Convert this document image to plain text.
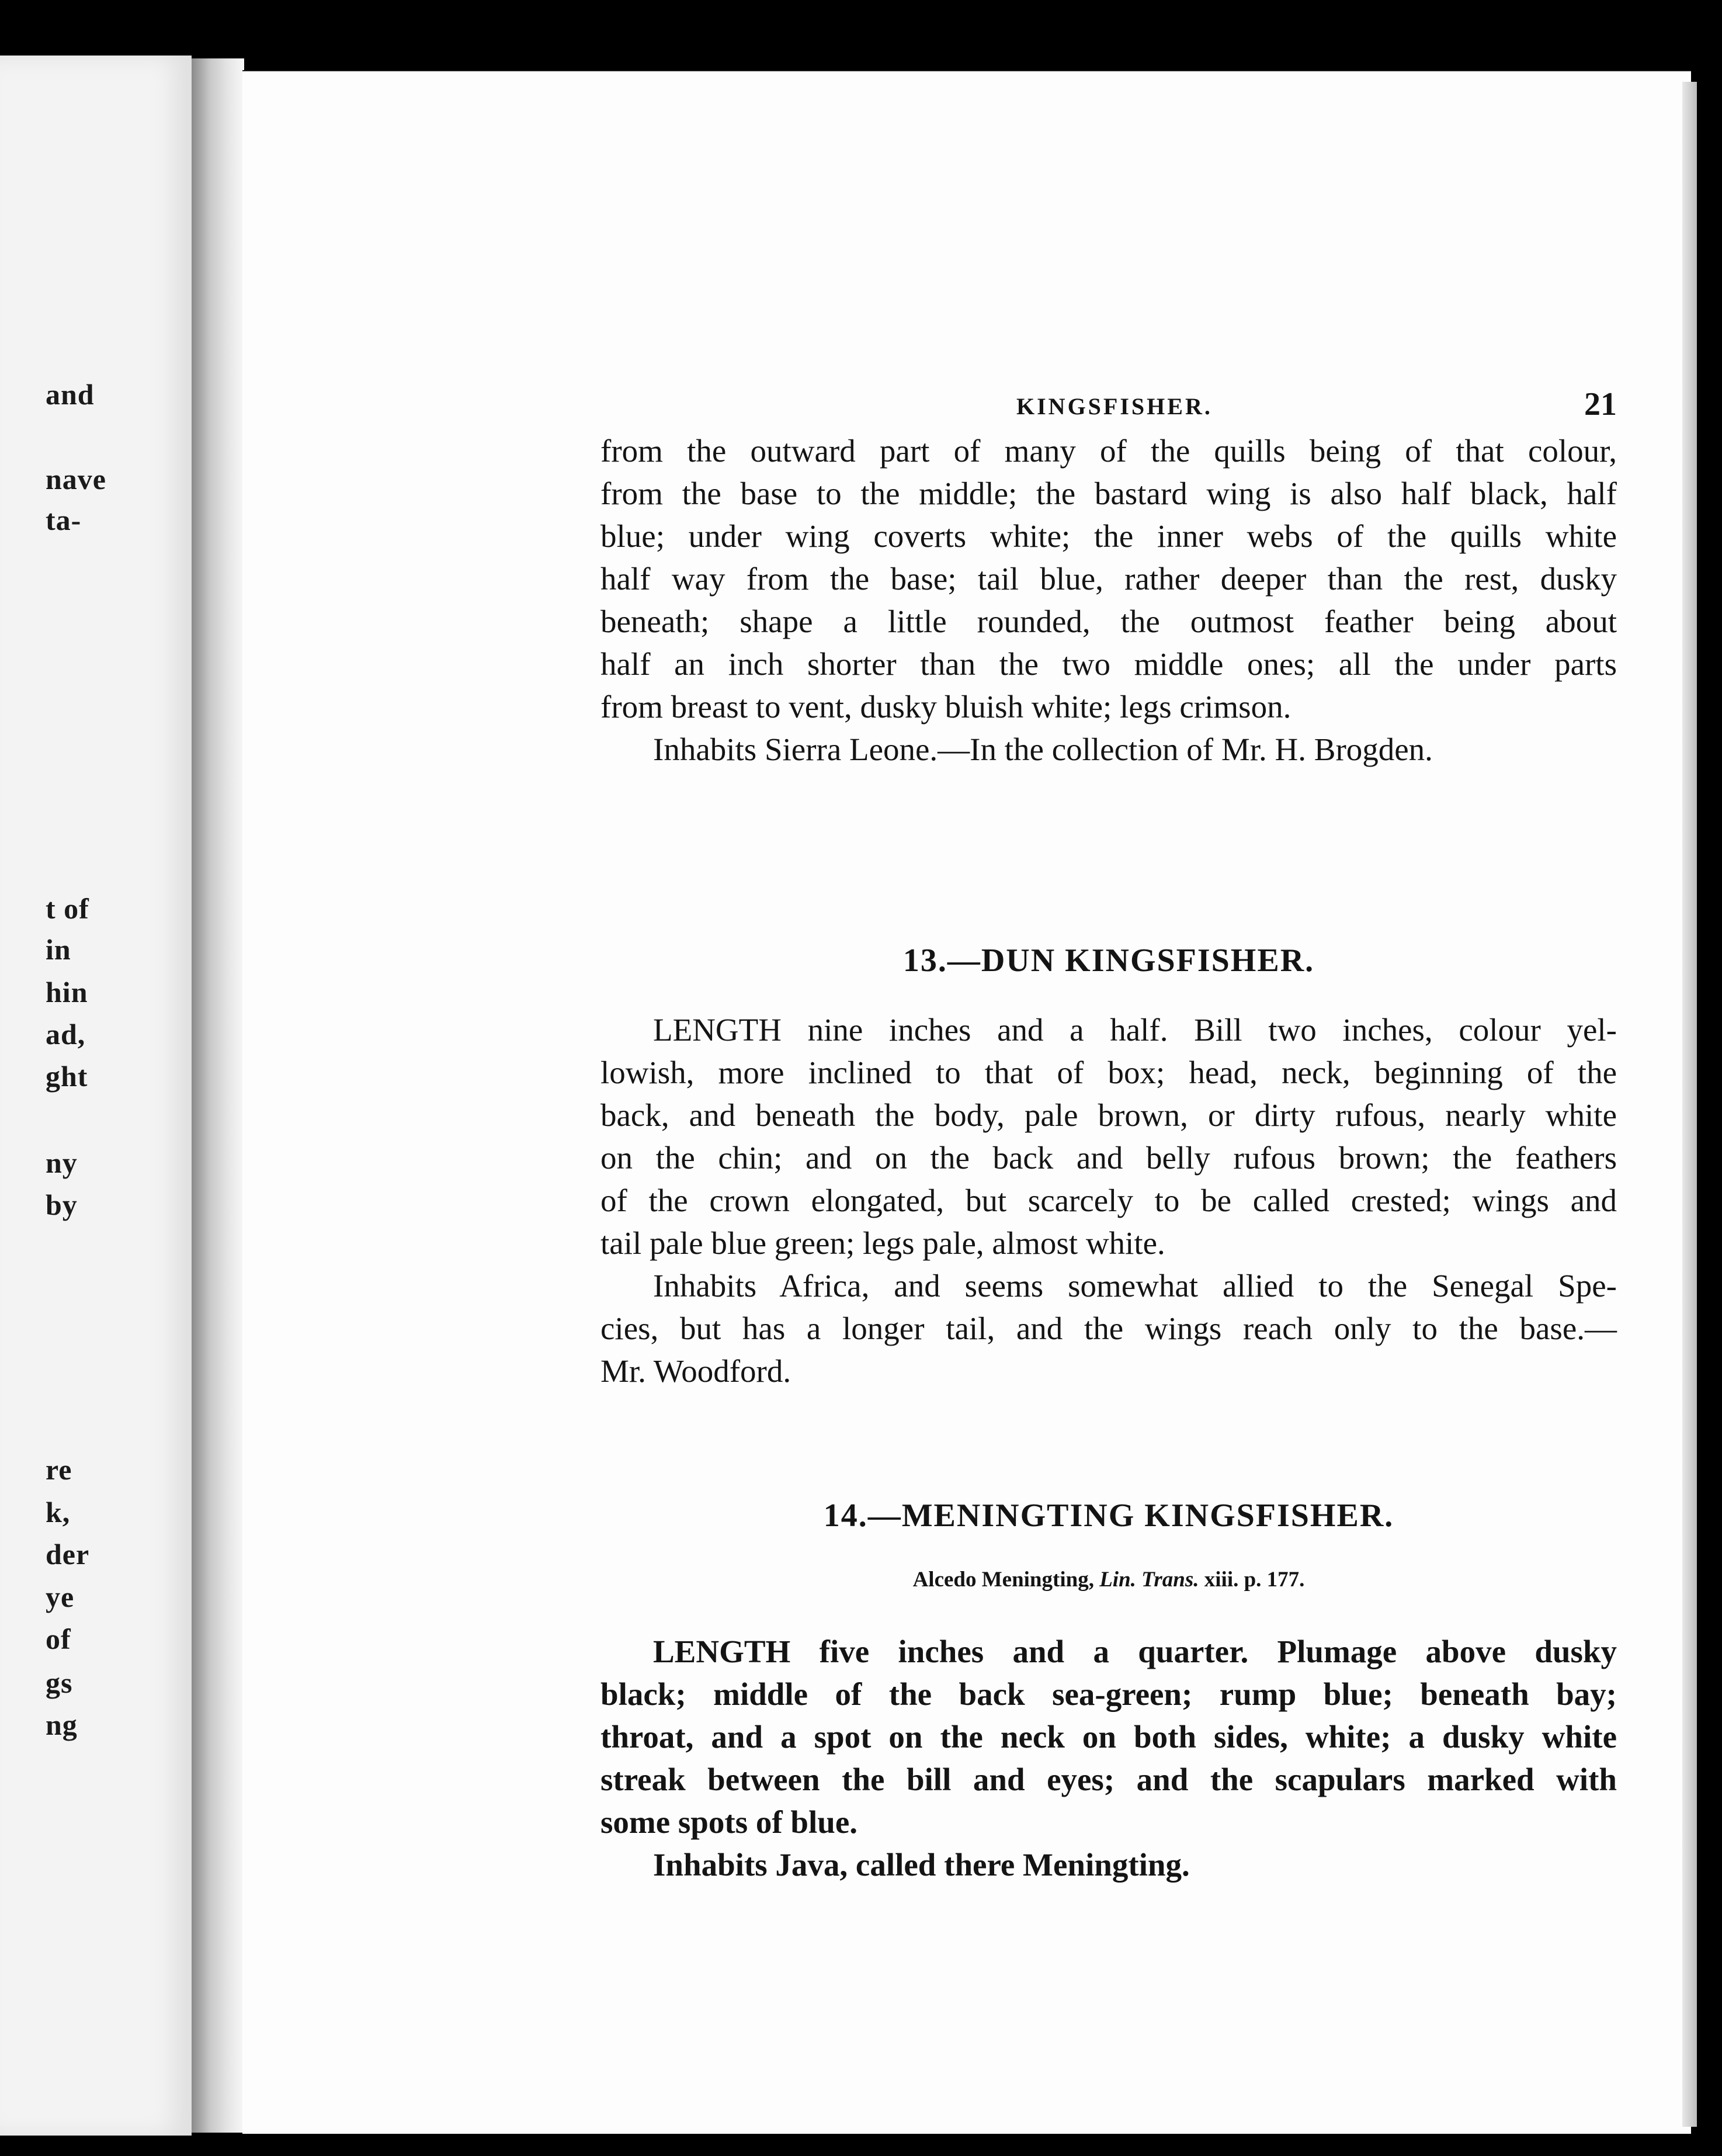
and
nave
ta-
t of
in
hin
ad,
ght
ny
by
re
k,
der
ye
of
gs
ng
KINGSFISHER.	21
from the outward part of many of the quills being of that colour,
from the base to the middle; the bastard wing is also half black, half
blue; under wing coverts white; the inner webs of the quills white
half way from the base; tail blue, rather deeper than the rest, dusky
beneath; shape a little rounded, the outmost feather being about
half an inch shorter than the two middle ones; all the under parts
from breast to vent, dusky bluish white; legs crimson.
Inhabits Sierra Leone.—In the collection of Mr. H. Brogden.
13.—DUN KINGSFISHER.
LENGTH nine inches and a half. Bill two inches, colour yel-
lowish, more inclined to that of box; head, neck, beginning of the
back, and beneath the body, pale brown, or dirty rufous, nearly white
on the chin; and on the back and belly rufous brown; the feathers
of the crown elongated, but scarcely to be called crested; wings and
tail pale blue green; legs pale, almost white.
Inhabits Africa, and seems somewhat allied to the Senegal Spe-
cies, but has a longer tail, and the wings reach only to the base.—
Mr. Woodford.
14.—MENINGTING KINGSFISHER.
Alcedo Meningting, Lin. Trans. xiii. p. 177.
LENGTH five inches and a quarter. Plumage above dusky
black; middle of the back sea-green; rump blue; beneath bay;
throat, and a spot on the neck on both sides, white; a dusky white
streak between the bill and eyes; and the scapulars marked with
some spots of blue.
Inhabits Java, called there Meningting.
